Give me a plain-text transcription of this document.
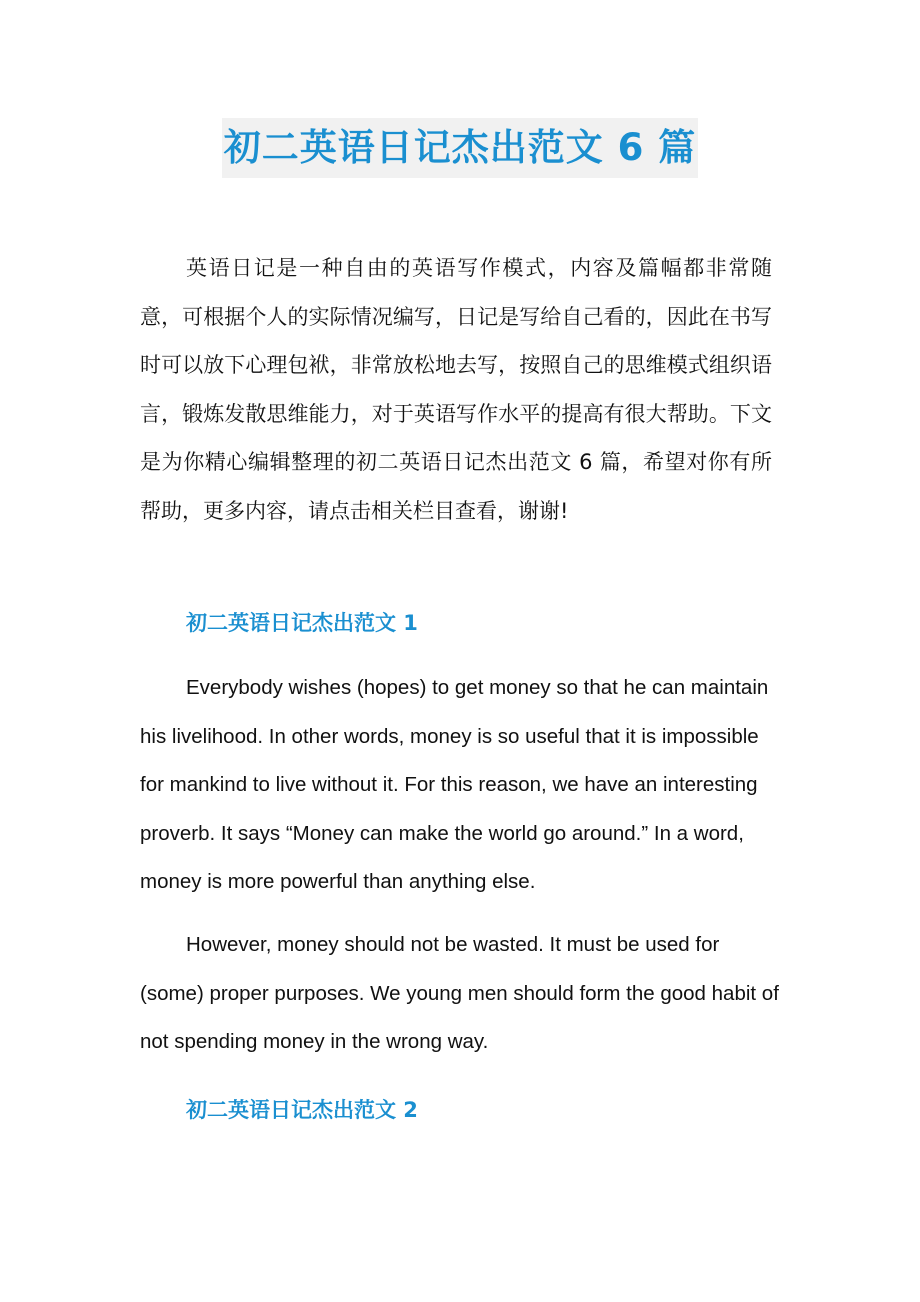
初二英语日记杰出范文 6 篇

英语日记是一种自由的英语写作模式，内容及篇幅都非常随意，可根据个人的实际情况编写，日记是写给自己看的，因此在书写时可以放下心理包袱，非常放松地去写，按照自己的思维模式组织语言，锻炼发散思维能力，对于英语写作水平的提高有很大帮助。下文是为你精心编辑整理的初二英语日记杰出范文 6 篇，希望对你有所帮助，更多内容，请点击相关栏目查看，谢谢!

初二英语日记杰出范文 1

Everybody wishes (hopes) to get money so that he can maintain his livelihood. In other words, money is so useful that it is impossible for mankind to live without it. For this reason, we have an interesting proverb. It says “Money can make the world go around.” In a word, money is more powerful than anything else.

However, money should not be wasted. It must be used for (some) proper purposes. We young men should form the good habit of not spending money in the wrong way.

初二英语日记杰出范文 2
